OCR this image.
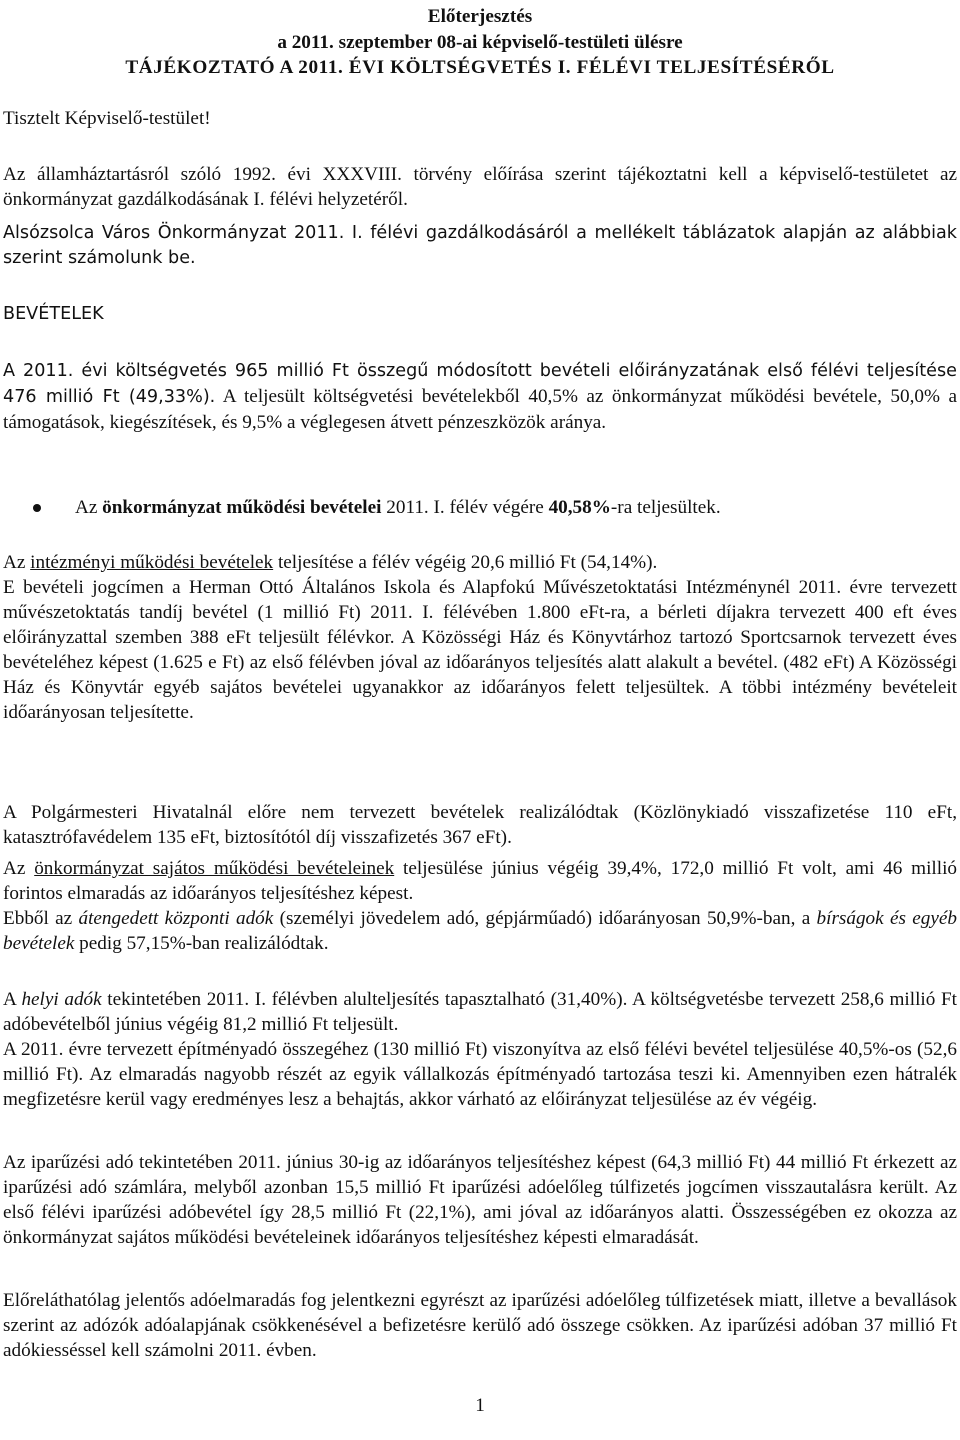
Előterjesztés
a 2011. szeptember 08-ai képviselő-testületi ülésre
TÁJÉKOZTATÓ A 2011. ÉVI KÖLTSÉGVETÉS I. FÉLÉVI TELJESÍTÉSÉRŐL
Tisztelt Képviselő-testület!

Az államháztartásról szóló 1992. évi XXXVIII. törvény előírása szerint tájékoztatni kell a képviselő-testületet az önkormányzat gazdálkodásának I. félévi helyzetéről.

Alsózsolca Város Önkormányzat 2011. I. félévi gazdálkodásáról a mellékelt táblázatok alapján az alábbiak szerint számolunk be.

BEVÉTELEK

A 2011. évi költségvetés 965 millió Ft összegű módosított bevételi előirányzatának első félévi teljesítése 476 millió Ft (49,33%). A teljesült költségvetési bevételekből 40,5% az önkormányzat működési bevétele, 50,0% a támogatások, kiegészítések, és 9,5% a véglegesen átvett pénzeszközök aránya.

Az önkormányzat működési bevételei 2011. I. félév végére 40,58%-ra teljesültek.

Az intézményi működési bevételek teljesítése a félév végéig 20,6 millió Ft (54,14%).

E bevételi jogcímen a Herman Ottó Általános Iskola és Alapfokú Művészetoktatási Intézménynél 2011. évre tervezett művészetoktatás tandíj bevétel (1 millió Ft) 2011. I. félévében 1.800 eFt-ra, a bérleti díjakra tervezett 400 eft éves előirányzattal szemben 388 eFt teljesült félévkor. A Közösségi Ház és Könyvtárhoz tartozó Sportcsarnok tervezett éves bevételéhez képest (1.625 e Ft) az első félévben jóval az időarányos teljesítés alatt alakult a bevétel. (482 eFt) A Közösségi Ház és Könyvtár egyéb sajátos bevételei ugyanakkor az időarányos felett teljesültek. A többi intézmény bevételeit időarányosan teljesítette.

A Polgármesteri Hivatalnál előre nem tervezett bevételek realizálódtak (Közlönykiadó visszafizetése 110 eFt, katasztrófavédelem 135 eFt, biztosítótól díj visszafizetés 367 eFt).

Az önkormányzat sajátos működési bevételeinek teljesülése június végéig 39,4%, 172,0 millió Ft volt, ami 46 millió forintos elmaradás az időarányos teljesítéshez képest.

Ebből az átengedett központi adók (személyi jövedelem adó, gépjárműadó) időarányosan 50,9%-ban, a bírságok és egyéb bevételek pedig 57,15%-ban realizálódtak.

A helyi adók tekintetében 2011. I. félévben alulteljesítés tapasztalható (31,40%). A költségvetésbe tervezett 258,6 millió Ft adóbevételből június végéig 81,2 millió Ft teljesült.

A 2011. évre tervezett építményadó összegéhez (130 millió Ft) viszonyítva az első félévi bevétel teljesülése 40,5%-os (52,6 millió Ft). Az elmaradás nagyobb részét az egyik vállalkozás építményadó tartozása teszi ki. Amennyiben ezen hátralék megfizetésre kerül vagy eredményes lesz a behajtás, akkor várható az előirányzat teljesülése az év végéig.

Az iparűzési adó tekintetében 2011. június 30-ig az időarányos teljesítéshez képest (64,3 millió Ft) 44 millió Ft érkezett az iparűzési adó számlára, melyből azonban 15,5 millió Ft iparűzési adóelőleg túlfizetés jogcímen visszautalásra került. Az első félévi iparűzési adóbevétel így 28,5 millió Ft (22,1%), ami jóval az időarányos alatti. Összességében ez okozza az önkormányzat sajátos működési bevételeinek időarányos teljesítéshez képesti elmaradását.

Előreláthatólag jelentős adóelmaradás fog jelentkezni egyrészt az iparűzési adóelőleg túlfizetések miatt, illetve a bevallások szerint az adózók adóalapjának csökkenésével a befizetésre kerülő adó összege csökken. Az iparűzési adóban 37 millió Ft adókiesséssel kell számolni 2011. évben.

1
